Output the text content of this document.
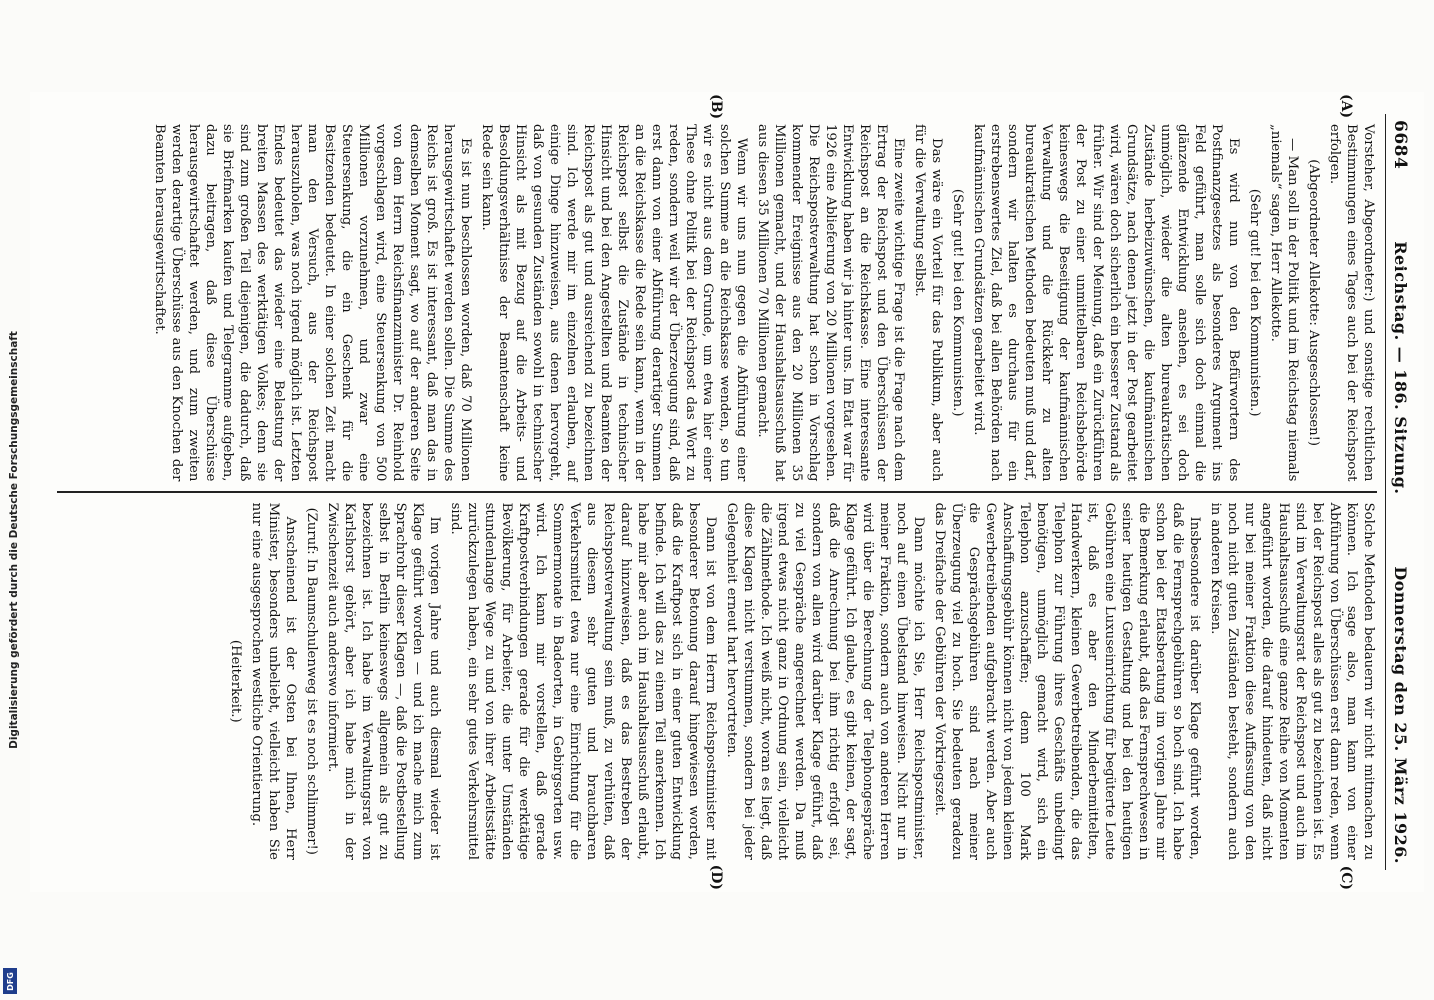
6684
Reichstag. — 186. Sitzung.
Donnerstag den 25. März 1926.

Vorsteher, Abgeordneter:) und sonstige rechtlichen Bestimmungen eines Tages auch bei der Reichspost erfolgen.

(Abgeordneter Allekotte: Ausgeschlossen!)

— Man soll in der Politik und im Reichstag niemals „niemals“ sagen, Herr Allekotte.

(Sehr gut! bei den Kommunisten.)

Es wird nun von den Befürwortern des Postfinanzgesetzes als besonderes Argument ins Feld geführt, man solle sich doch einmal die glänzende Entwicklung ansehen, es sei doch unmöglich, wieder die alten bureaukratischen Zustände herbeizuwünschen, die kaufmännischen Grundsätze, nach denen jetzt in der Post gearbeitet wird, wären doch sicherlich ein besserer Zustand als früher. Wir sind der Meinung, daß ein Zurückführen der Post zu einer unmittelbaren Reichsbehörde keineswegs die Beseitigung der kaufmännischen Verwaltung und die Rückkehr zu alten bureaukratischen Methoden bedeuten muß und darf, sondern wir halten es durchaus für ein erstrebenswertes Ziel, daß bei allen Behörden nach kaufmännischen Grundsätzen gearbeitet wird.

(Sehr gut! bei den Kommunisten.)

Das wäre ein Vorteil für das Publikum, aber auch für die Verwaltung selbst.

Eine zweite wichtige Frage ist die Frage nach dem Ertrag der Reichspost und den Überschüssen der Reichspost an die Reichskasse. Eine interessante Entwicklung haben wir ja hinter uns. Im Etat war für 1926 eine Ablieferung von 20 Millionen vorgesehen. Die Reichspostverwaltung hat schon in Vorschlag kommender Ereignisse aus den 20 Millionen 35 Millionen gemacht, und der Haushaltsausschuß hat aus diesen 35 Millionen 70 Millionen gemacht.

Wenn wir uns nun gegen die Abführung einer solchen Summe an die Reichskasse wenden, so tun wir es nicht aus dem Grunde, um etwa hier einer These ohne Politik bei der Reichspost das Wort zu reden, sondern weil wir der Überzeugung sind, daß erst dann von einer Abführung derartiger Summen an die Reichskasse die Rede sein kann, wenn in der Reichspost selbst die Zustände in technischer Hinsicht und bei den Angestellten und Beamten der Reichspost als gut und ausreichend zu bezeichnen sind. Ich werde mir im einzelnen erlauben, auf einige Dinge hinzuweisen, aus denen hervorgeht, daß von gesunden Zuständen sowohl in technischer Hinsicht als mit Bezug auf die Arbeits- und Besoldungsverhältnisse der Beamtenschaft keine Rede sein kann.

Es ist nun beschlossen worden, daß 70 Millionen herausgewirtschaftet werden sollen. Die Summe des Reichs ist groß. Es ist interessant, daß man das in demselben Moment sagt, wo auf der anderen Seite von dem Herrn Reichsfinanzminister Dr. Reinhold vorgeschlagen wird, eine Steuersenkung von 500 Millionen vorzunehmen, und zwar eine Steuersenkung, die ein Geschenk für die Besitzenden bedeutet. In einer solchen Zeit macht man den Versuch, aus der Reichspost herauszuholen, was noch irgend möglich ist. Letzten Endes bedeutet das wieder eine Belastung der breiten Massen des werktätigen Volkes; denn sie sind zum großen Teil diejenigen, die dadurch, daß sie Briefmarken kaufen und Telegramme aufgeben, dazu beitragen, daß diese Überschüsse herausgewirtschaftet werden, und zum zweiten werden derartige Überschüsse aus den Knochen der Beamten herausgewirtschaftet.

Solche Methoden bedauern wir nicht mitmachen zu können. Ich sage also, man kann von einer Abführung von Überschüssen erst dann reden, wenn bei der Reichspost alles als gut zu bezeichnen ist. Es sind im Verwaltungsrat der Reichspost und auch im Haushaltsausschuß eine ganze Reihe von Momenten angeführt worden, die darauf hindeuten, daß nicht nur bei meiner Fraktion diese Auffassung von den noch nicht guten Zuständen besteht, sondern auch in anderen Kreisen.

Insbesondere ist darüber Klage geführt worden, daß die Fernsprechgebühren so hoch sind. Ich habe schon bei der Etatsberatung im vorigen Jahre mir die Bemerkung erlaubt, daß das Fernsprechwesen in seiner heutigen Gestaltung und bei den heutigen Gebühren eine Luxuseinrichtung für begüterte Leute ist, daß es aber den Minderbemittelten, Handwerkern, kleinen Gewerbetreibenden, die das Telephon zur Führung ihres Geschäfts unbedingt benötigen, unmöglich gemacht wird, sich ein Telephon anzuschaffen; denn 100 Mark Anschaffungsgebühr können nicht von jedem kleinen Gewerbetreibenden aufgebracht werden. Aber auch die Gesprächsgebühren sind nach meiner Überzeugung viel zu hoch. Sie bedeuten geradezu das Dreifache der Gebühren der Vorkriegszeit.

Dann möchte ich Sie, Herr Reichspostminister, noch auf einen Übelstand hinweisen. Nicht nur in meiner Fraktion, sondern auch von anderen Herren wird über die Berechnung der Telephongespräche Klage geführt. Ich glaube, es gibt keinen, der sagt, daß die Anrechnung bei ihm richtig erfolgt sei, sondern von allen wird darüber Klage geführt, daß zu viel Gespräche angerechnet werden. Da muß irgend etwas nicht ganz in Ordnung sein, vielleicht die Zählmethode. Ich weiß nicht, woran es liegt, daß diese Klagen nicht verstummen, sondern bei jeder Gelegenheit erneut hart hervortreten.

Dann ist von dem Herrn Reichspostminister mit besonderer Betonung darauf hingewiesen worden, daß die Kraftpost sich in einer guten Entwicklung befinde. Ich will das zu einem Teil anerkennen. Ich habe mir aber auch im Haushaltsausschuß erlaubt, darauf hinzuweisen, daß es das Bestreben der Reichspostverwaltung sein muß, zu verhüten, daß aus diesem sehr guten und brauchbaren Verkehrsmittel etwa nur eine Einrichtung für die Sommermonate in Badeorten, in Gebirgsorten usw. wird. Ich kann mir vorstellen, daß gerade Kraftpostverbindungen gerade für die werktätige Bevölkerung, für Arbeiter, die unter Umständen stundenlange Wege zu und von ihrer Arbeitsstätte zurückzulegen haben, ein sehr gutes Verkehrsmittel sind.

Im vorigen Jahre und auch diesmal wieder ist Klage geführt worden — und ich mache mich zum Sprachrohr dieser Klagen —, daß die Postbestellung selbst in Berlin keineswegs allgemein als gut zu bezeichnen ist. Ich habe im Verwaltungsrat von Karlshorst gehört, aber ich habe mich in der Zwischenzeit auch anderswo informiert.

(Zuruf: In Baumschulenweg ist es noch schlimmer!)

Anscheinend ist der Osten bei Ihnen, Herr Minister, besonders unbeliebt, vielleicht haben Sie nur eine ausgesprochen westliche Orientierung.

(Heiterkeit.)

(A)
(B)
(C)
(D)
Digitalisierung gefördert durch die Deutsche Forschungsgemeinschaft
DFG
